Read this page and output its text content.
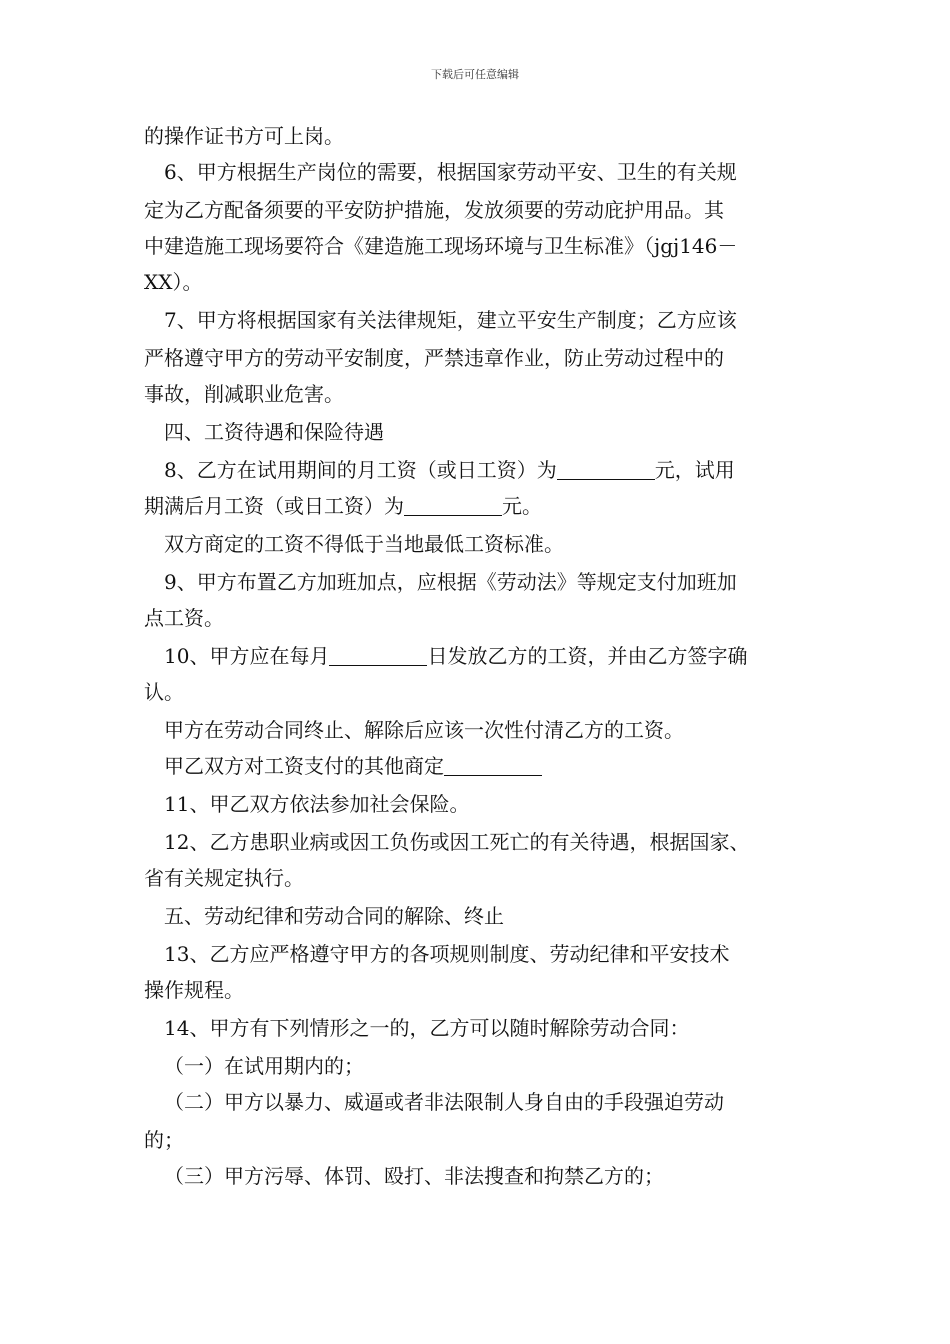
下载后可任意编辑
的操作证书方可上岗。
6、甲方根据生产岗位的需要，根据国家劳动平安、卫生的有关规
定为乙方配备须要的平安防护措施，发放须要的劳动庇护用品。其
中建造施工现场要符合《建造施工现场环境与卫生标准》（jgj146－
XX）。
7、甲方将根据国家有关法律规矩，建立平安生产制度；乙方应该
严格遵守甲方的劳动平安制度，严禁违章作业，防止劳动过程中的
事故，削减职业危害。
四、工资待遇和保险待遇
8、乙方在试用期间的月工资（或日工资）为	元，试用
期满后月工资（或日工资）为	元。
双方商定的工资不得低于当地最低工资标准。
9、甲方布置乙方加班加点，应根据《劳动法》等规定支付加班加
点工资。
10、甲方应在每月	日发放乙方的工资，并由乙方签字确
认。
甲方在劳动合同终止、解除后应该一次性付清乙方的工资。
甲乙双方对工资支付的其他商定
11、甲乙双方依法参加社会保险。
12、乙方患职业病或因工负伤或因工死亡的有关待遇，根据国家、
省有关规定执行。
五、劳动纪律和劳动合同的解除、终止
13、乙方应严格遵守甲方的各项规则制度、劳动纪律和平安技术
操作规程。
14、甲方有下列情形之一的，乙方可以随时解除劳动合同：
（一）在试用期内的；
（二）甲方以暴力、威逼或者非法限制人身自由的手段强迫劳动
的；
（三）甲方污辱、体罚、殴打、非法搜查和拘禁乙方的；
